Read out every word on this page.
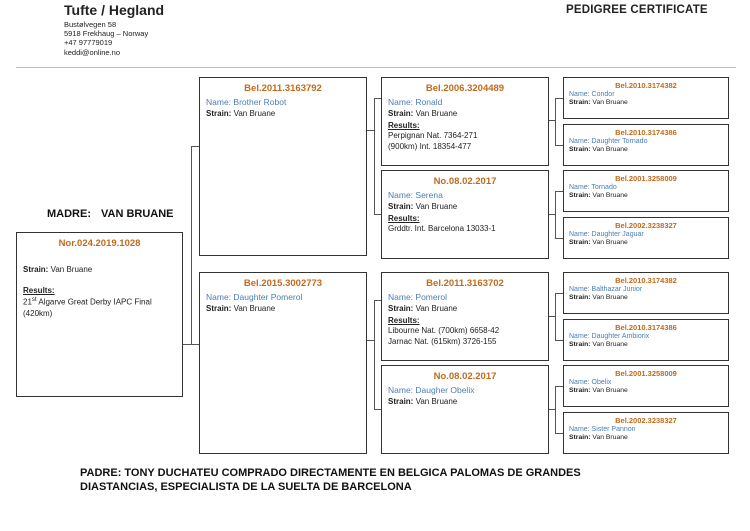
Tufte / Hegland
Bustølvegen 58
5918 Frekhaug – Norway
+47 97779019
keddi@online.no
PEDIGREE CERTIFICATE
MADRE: VAN BRUANE
Nor.024.2019.1028
Strain: Van Bruane
Results:
21st Algarve Great Derby IAPC Final
(420km)
Bel.2011.3163792
Name: Brother Robot
Strain: Van Bruane
Bel.2015.3002773
Name: Daughter Pomerol
Strain: Van Bruane
Bel.2006.3204489
Name: Ronald
Strain: Van Bruane
Results:
Perpignan Nat. 7364-271
(900km) Int. 18354-477
No.08.02.2017
Name: Serena
Strain: Van Bruane
Results:
Grddtr. Int. Barcelona 13033-1
Bel.2011.3163702
Name: Pomerol
Strain: Van Bruane
Results:
Libourne Nat. (700km) 6658-42
Jarnac Nat. (615km) 3726-155
No.08.02.2017
Name: Daugher Obelix
Strain: Van Bruane
Bel.2010.3174382
Name: Condor
Strain: Van Bruane
Bel.2010.3174386
Name: Daughter Tornado
Strain: Van Bruane
Bel.2001.3258009
Name: Tornado
Strain: Van Bruane
Bel.2002.3238327
Name: Daughter Jaguar
Strain: Van Bruane
Bel.2010.3174382
Name: Balthazar Junior
Strain: Van Bruane
Bel.2010.3174386
Name: Daughter Ambiorix
Strain: Van Bruane
Bel.2001.3258009
Name: Obelix
Strain: Van Bruane
Bel.2002.3238327
Name: Sister Pannon
Strain: Van Bruane
PADRE: TONY DUCHATEU COMPRADO DIRECTAMENTE EN BELGICA PALOMAS DE GRANDES
DIASTANCIAS, ESPECIALISTA DE LA SUELTA DE BARCELONA
